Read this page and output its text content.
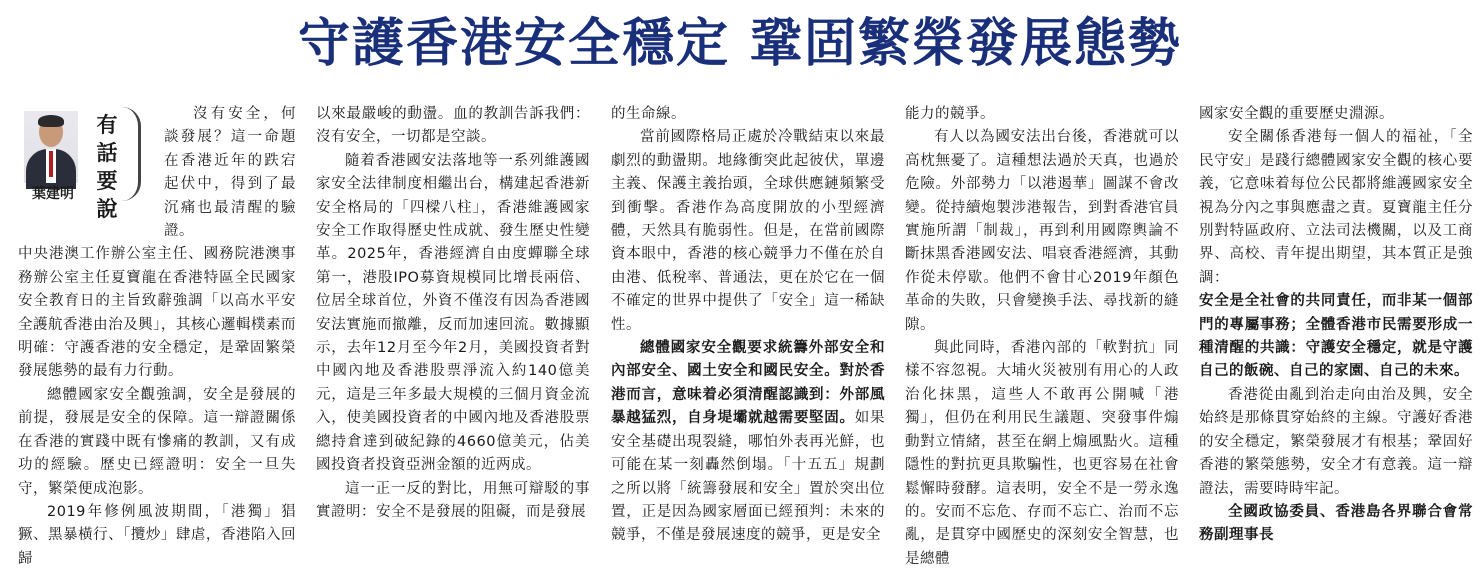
守護香港安全穩定 鞏固繁榮發展態勢
葉建明
有話要說

沒有安全，何談發展？這一命題在香港近年的跌宕起伏中，得到了最沉痛也最清醒的驗證。

中央港澳工作辦公室主任、國務院港澳事務辦公室主任夏寶龍在香港特區全民國家安全教育日的主旨致辭強調「以高水平安全護航香港由治及興」，其核心邏輯樸素而明確：守護香港的安全穩定，是鞏固繁榮發展態勢的最有力行動。

總體國家安全觀強調，安全是發展的前提，發展是安全的保障。這一辯證關係在香港的實踐中既有慘痛的教訓，又有成功的經驗。歷史已經證明：安全一旦失守，繁榮便成泡影。

2019年修例風波期間，「港獨」猖獗、黑暴橫行、「攬炒」肆虐，香港陷入回歸

以來最嚴峻的動盪。血的教訓告訴我們：沒有安全，一切都是空談。

隨着香港國安法落地等一系列維護國家安全法律制度相繼出台，構建起香港新安全格局的「四樑八柱」，香港維護國家安全工作取得歷史性成就、發生歷史性變革。2025年，香港經濟自由度蟬聯全球第一，港股IPO募資規模同比增長兩倍、位居全球首位，外資不僅沒有因為香港國安法實施而撤離，反而加速回流。數據顯示，去年12月至今年2月，美國投資者對中國內地及香港股票淨流入約140億美元，這是三年多最大規模的三個月資金流入，使美國投資者的中國內地及香港股票總持倉達到破紀錄的4660億美元，佔美國投資者投資亞洲金額的近两成。

這一正一反的對比，用無可辯駁的事實證明：安全不是發展的阻礙，而是發展

的生命線。

當前國際格局正處於冷戰結束以來最劇烈的動盪期。地緣衝突此起彼伏，單邊主義、保護主義抬頭，全球供應鏈頻繁受到衝擊。香港作為高度開放的小型經濟體，天然具有脆弱性。但是，在當前國際資本眼中，香港的核心競爭力不僅在於自由港、低稅率、普通法，更在於它在一個不確定的世界中提供了「安全」這一稀缺性。

總體國家安全觀要求統籌外部安全和內部安全、國土安全和國民安全。對於香港而言，意味着必須清醒認識到：外部風暴越猛烈，自身堤壩就越需要堅固。如果安全基礎出現裂縫，哪怕外表再光鮮，也可能在某一刻轟然倒塌。「十五五」規劃之所以將「統籌發展和安全」置於突出位置，正是因為國家層面已經預判：未來的競爭，不僅是發展速度的競爭，更是安全

能力的競爭。

有人以為國安法出台後，香港就可以高枕無憂了。這種想法過於天真，也過於危險。外部勢力「以港遏華」圖謀不會改變。從持續炮製涉港報告，到對香港官員實施所謂「制裁」，再到利用國際輿論不斷抹黑香港國安法、唱衰香港經濟，其動作從未停歇。他們不會甘心2019年顏色革命的失敗，只會變換手法、尋找新的縫隙。

與此同時，香港內部的「軟對抗」同樣不容忽視。大埔火災被別有用心的人政治化抹黑，這些人不敢再公開喊「港獨」，但仍在利用民生議題、突發事件煽動對立情緒，甚至在網上煽風點火。這種隱性的對抗更具欺騙性，也更容易在社會鬆懈時發酵。這表明，安全不是一勞永逸的。安而不忘危、存而不忘亡、治而不忘亂，是貫穿中國歷史的深刻安全智慧，也是總體

國家安全觀的重要歷史淵源。

安全關係香港每一個人的福祉，「全民守安」是踐行總體國家安全觀的核心要義，它意味着每位公民都將維護國家安全視為分內之事與應盡之責。夏寶龍主任分別對特區政府、立法司法機關，以及工商界、高校、青年提出期望，其本質正是強調：

安全是全社會的共同責任，而非某一個部門的專屬事務；全體香港市民需要形成一種清醒的共識：守護安全穩定，就是守護自己的飯碗、自己的家園、自己的未來。

香港從由亂到治走向由治及興，安全始終是那條貫穿始終的主線。守護好香港的安全穩定，繁榮發展才有根基；鞏固好香港的繁榮態勢，安全才有意義。這一辯證法，需要時時牢記。

全國政協委員、香港島各界聯合會常務副理事長
